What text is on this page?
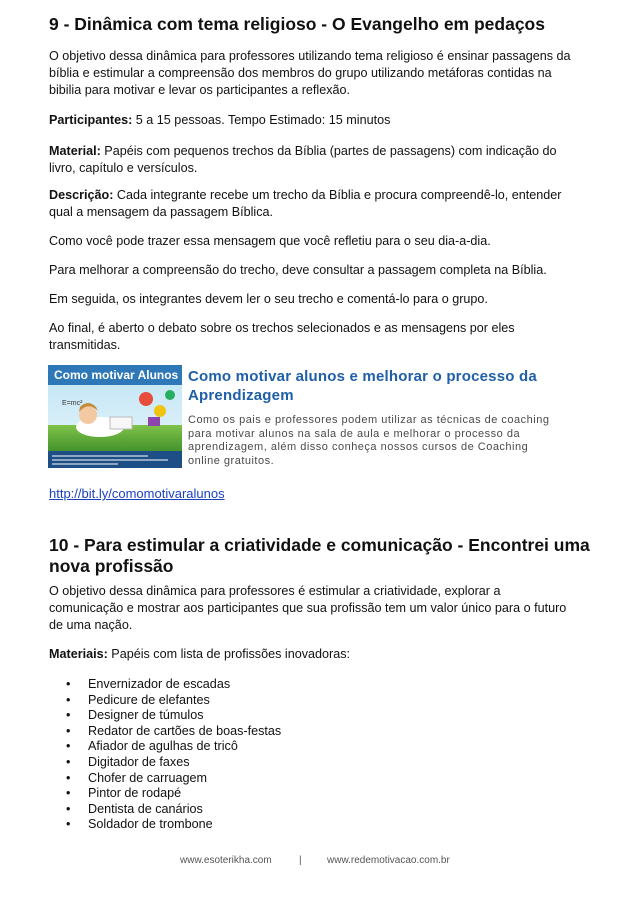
9 - Dinâmica com tema religioso - O Evangelho em pedaços
O objetivo dessa dinâmica para professores utilizando tema religioso é ensinar passagens da
bíblia e estimular a compreensão dos membros do grupo utilizando metáforas contidas na
bibilia para motivar e levar os participantes a reflexão.
Participantes: 5 a 15 pessoas. Tempo Estimado: 15 minutos
Material: Papéis com pequenos trechos da Bíblia (partes de passagens) com indicação do
livro, capítulo e versículos.
Descrição: Cada integrante recebe um trecho da Bíblia e procura compreendê-lo, entender
qual a mensagem da passagem Bíblica.
Como você pode trazer essa mensagem que você refletiu para o seu dia-a-dia.
Para melhorar a compreensão do trecho, deve consultar a passagem completa na Bíblia.
Em seguida, os integrantes devem ler o seu trecho e comentá-lo para o grupo.
Ao final, é aberto o debato sobre os trechos selecionados e as mensagens por eles
transmitidas.
E=mc²
Como motivar Alunos Como motivar alunos e melhorar o processo da
Aprendizagem
Como os pais e professores podem utilizar as técnicas de coaching
para motivar alunos na sala de aula e melhorar o processo da
aprendizagem, além disso conheça nossos cursos de Coaching
online gratuitos.
http://bit.ly/comomotivaralunos
10 - Para estimular a criatividade e comunicação - Encontrei uma
nova profissão
O objetivo dessa dinâmica para professores é estimular a criatividade, explorar a
comunicação e mostrar aos participantes que sua profissão tem um valor único para o futuro
de uma nação.
Materiais: Papéis com lista de profissões inovadoras:
• Envernizador de escadas
• Pedicure de elefantes
• Designer de túmulos
• Redator de cartões de boas-festas
• Afiador de agulhas de tricô
• Digitador de faxes
• Chofer de carruagem
• Pintor de rodapé
• Dentista de canários
• Soldador de trombone
www.esoterikha.com	|	www.redemotivacao.com.br
